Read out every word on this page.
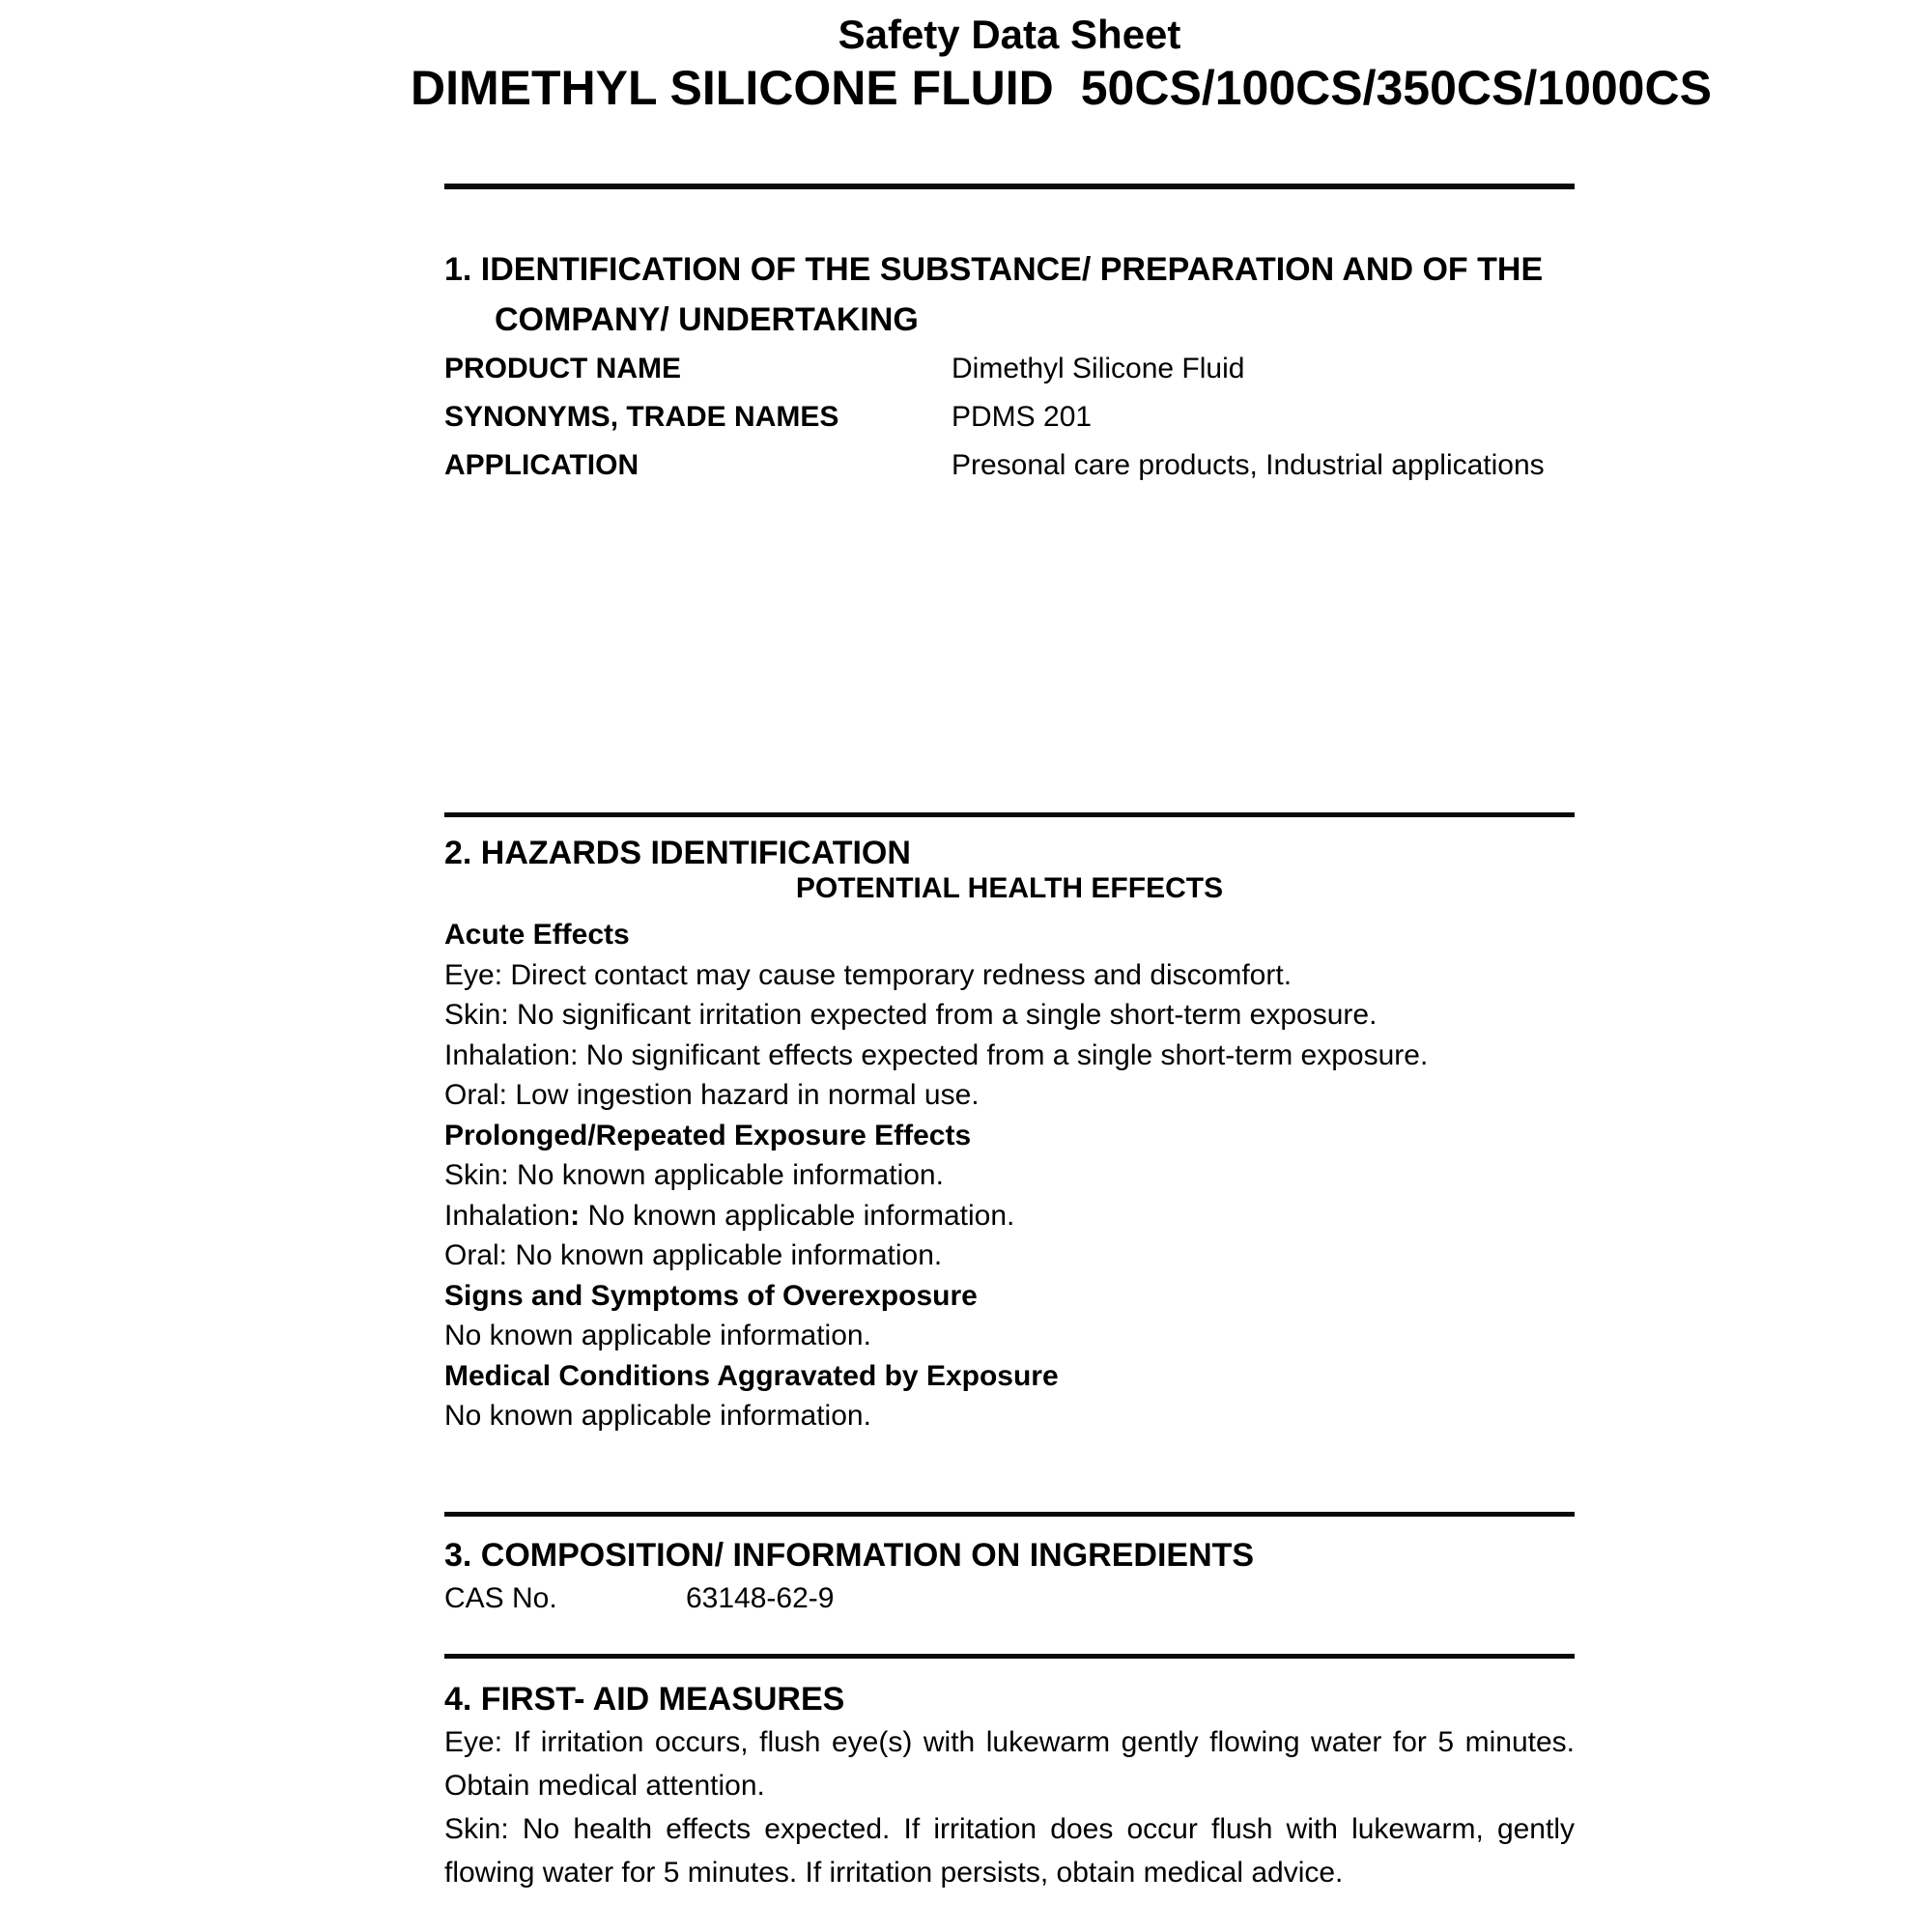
Safety Data Sheet
DIMETHYL SILICONE FLUID 50CS/100CS/350CS/1000CS
1. IDENTIFICATION OF THE SUBSTANCE/ PREPARATION AND OF THE
COMPANY/ UNDERTAKING
PRODUCT NAME	Dimethyl Silicone Fluid
SYNONYMS, TRADE NAMES	PDMS 201
APPLICATION	Presonal care products, Industrial applications
2. HAZARDS IDENTIFICATION
POTENTIAL HEALTH EFFECTS
Acute Effects
Eye: Direct contact may cause temporary redness and discomfort.
Skin: No significant irritation expected from a single short-term exposure.
Inhalation: No significant effects expected from a single short-term exposure.
Oral: Low ingestion hazard in normal use.
Prolonged/Repeated Exposure Effects
Skin: No known applicable information.
Inhalation: No known applicable information.
Oral: No known applicable information.
Signs and Symptoms of Overexposure
No known applicable information.
Medical Conditions Aggravated by Exposure
No known applicable information.
3. COMPOSITION/ INFORMATION ON INGREDIENTS
CAS No.	63148-62-9
4. FIRST- AID MEASURES

Eye: If irritation occurs, flush eye(s) with lukewarm gently flowing water for 5 minutes. Obtain medical attention.

Skin: No health effects expected. If irritation does occur flush with lukewarm, gently flowing water for 5 minutes. If irritation persists, obtain medical advice.
